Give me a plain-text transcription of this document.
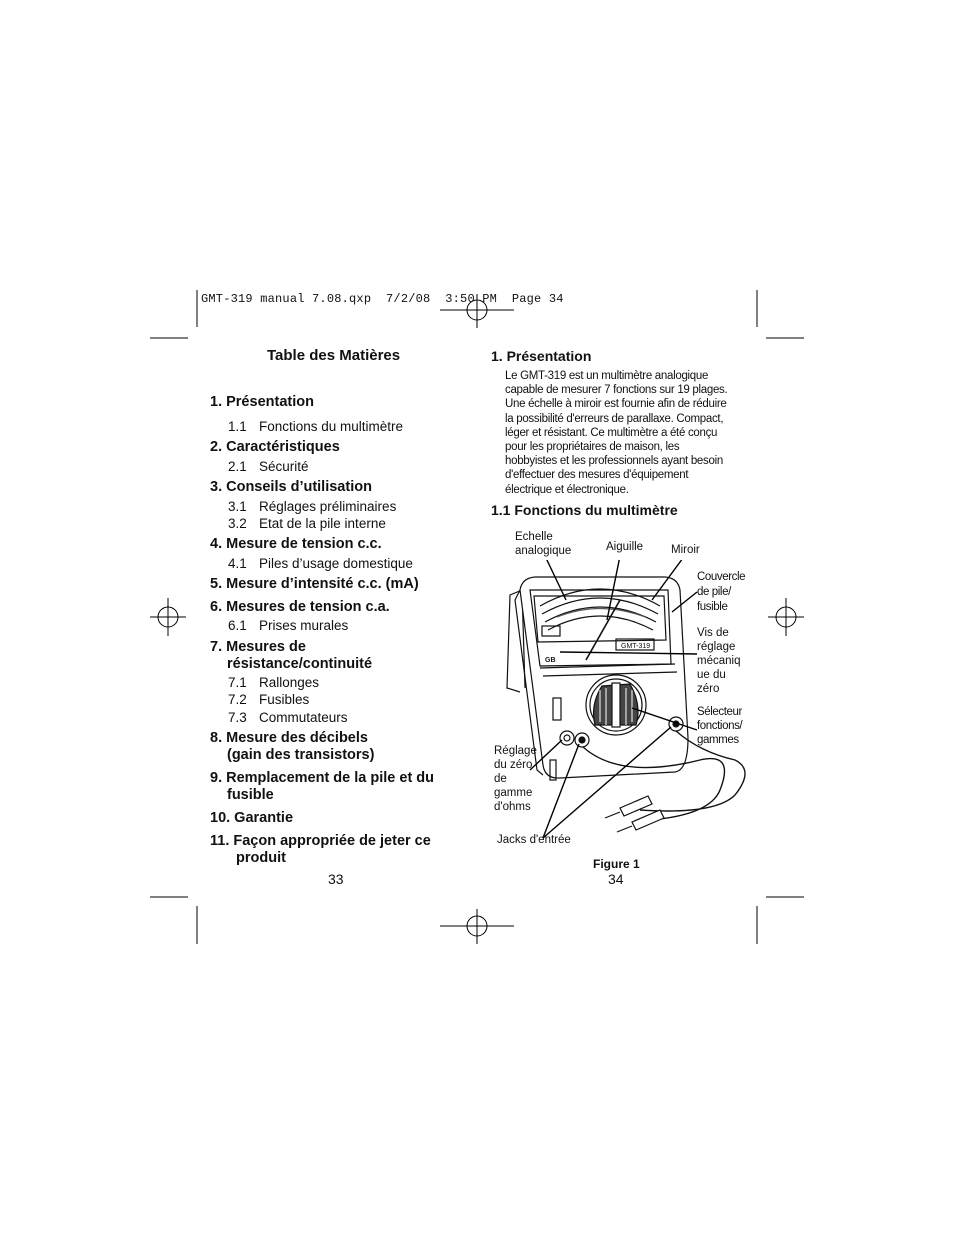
GMT-319 manual 7.08.qxp  7/2/08  3:50 PM  Page 34
Table des Matières
1. Présentation
1.1 Fonctions du multimètre
2. Caractéristiques
2.1 Sécurité
3. Conseils d’utilisation
3.1 Réglages préliminaires
3.2 Etat de la pile interne
4. Mesure de tension c.c.
4.1 Piles d’usage domestique
5. Mesure d’intensité c.c. (mA)
6. Mesures de tension c.a.
6.1 Prises murales
7. Mesures de
résistance/continuité
7.1 Rallonges
7.2 Fusibles
7.3 Commutateurs
8. Mesure des décibels
(gain des transistors)
9. Remplacement de la pile et du
fusible
10. Garantie
11. Façon appropriée de jeter ce
produit
33
1. Présentation
Le GMT-319 est un multimètre analogique
capable de mesurer 7 fonctions sur 19 plages.
Une échelle à miroir est fournie afin de réduire
la possibilité d'erreurs de parallaxe. Compact,
léger et résistant. Ce multimètre a été conçu
pour les propriétaires de maison, les
hobbyistes et les professionnels ayant besoin
d'effectuer des mesures d'équipement
électrique et électronique.
1.1 Fonctions du multimètre
Echelle
analogique	Aiguille Miroir
Couvercle
de pile/
fusible
Vis de
réglage
mécaniq
ue du
zéro
Sélecteur
fonctions/
gammes
Réglage
du zéro
de
gamme
d'ohms
Jacks d'entrée
GB
GMT-319
Figure 1
34
